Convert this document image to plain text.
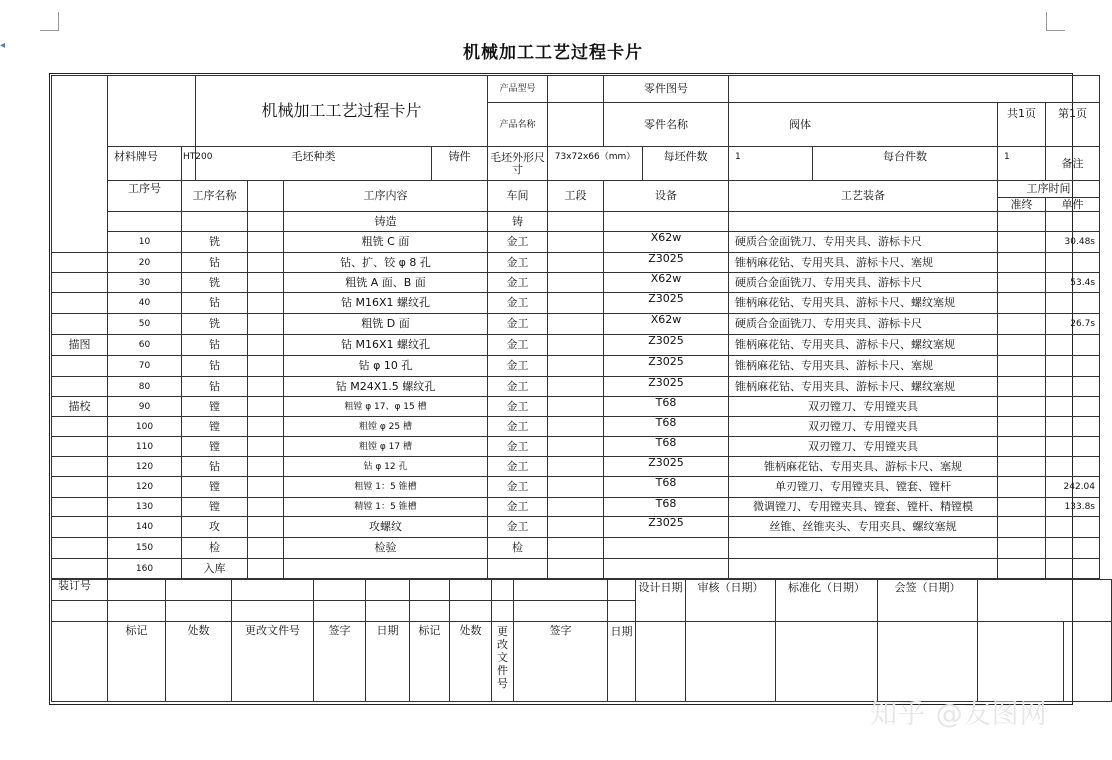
◂	机械加工工艺过程卡片
			机械加工工艺过程卡片				产品型号		零件图号						
							产品名称		零件名称		阀体		共1页	第1页	
	材料牌号	HT200	毛坯种类			铸件	毛坯外形尺寸	73x72x66（mm）		每坯件数	1	每台件数	1	备注	
	工序号	工序名称			工序内容		车间	工段	设备		工艺装备		工序时间		
													准终	单件	
					铸造		铸								
	10	铣			粗铣 C 面		金工		X62w		硬质合金面铣刀、专用夹具、游标卡尺			30.48s	
	20	钻			钻、扩、铰 φ 8 孔		金工		Z3025		锥柄麻花钻、专用夹具、游标卡尺、塞规				
	30	铣			粗铣 A 面、B 面		金工		X62w		硬质合金面铣刀、专用夹具、游标卡尺			53.4s	
	40	钻			钻 M16X1 螺纹孔		金工		Z3025		锥柄麻花钻、专用夹具、游标卡尺、螺纹塞规				
	50	铣			粗铣 D 面		金工		X62w		硬质合金面铣刀、专用夹具、游标卡尺			26.7s	
描图	60	钻			钻 M16X1 螺纹孔		金工		Z3025		锥柄麻花钻、专用夹具、游标卡尺、螺纹塞规				
	70	钻			钻 φ 10 孔		金工		Z3025		锥柄麻花钻、专用夹具、游标卡尺、塞规				
	80	钻			钻 M24X1.5 螺纹孔		金工		Z3025		锥柄麻花钻、专用夹具、游标卡尺、螺纹塞规				
描校	90	镗			粗镗 φ 17、φ 15 槽		金工		T68		双刃镗刀、专用镗夹具				
	100	镗			粗镗 φ 25 槽		金工		T68		双刃镗刀、专用镗夹具				
	110	镗			粗镗 φ 17 槽		金工		T68		双刃镗刀、专用镗夹具				
	120	钻			钻 φ 12 孔		金工		Z3025		锥柄麻花钻、专用夹具、游标卡尺、塞规				
	120	镗			粗镗 1：5 锥槽		金工		T68		单刃镗刀、专用镗夹具、镗套、镗杆			242.04	
	130	镗			精镗 1：5 锥槽		金工		T68		微调镗刀、专用镗夹具、镗套、镗杆、精镗模			133.8s	
	140	攻			攻螺纹		金工		Z3025		丝锥、丝锥夹头、专用夹具、螺纹塞规				
	150	检			检验		检								
	160	入库													
装订号											设计日期	审核（日期）	标准化（日期）	会签（日期）		

	标记	处数	更改文件号	签字	日期	标记	处数	更改文件号	签字	日期						
知乎 @友图网
